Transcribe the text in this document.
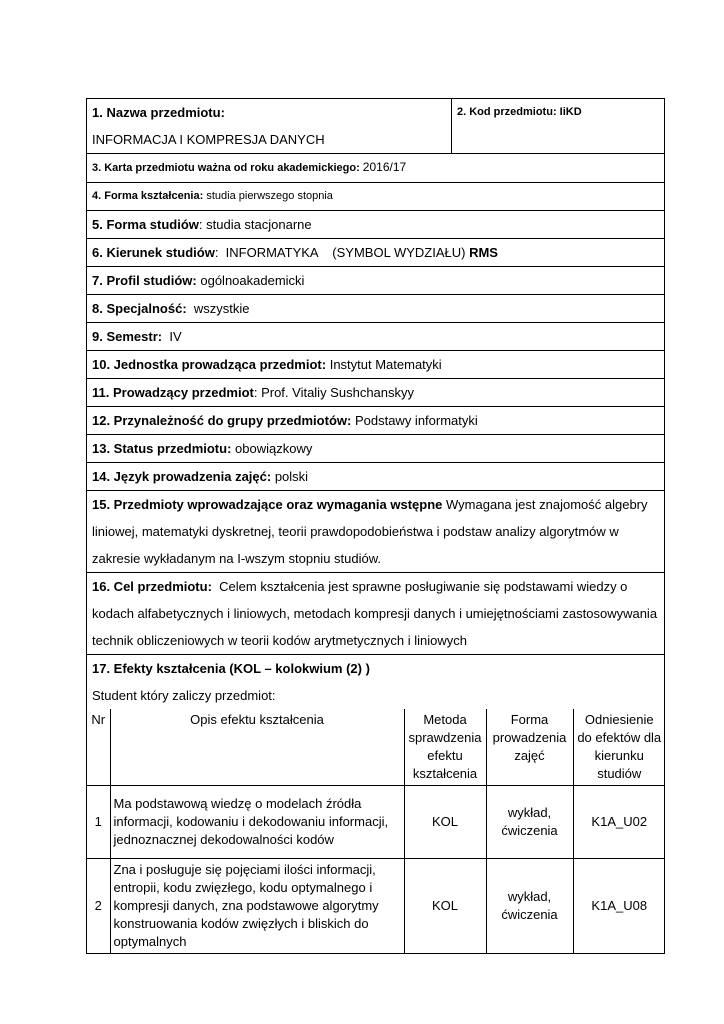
1. Nazwa przedmiotu:
INFORMACJA I KOMPRESJA DANYCH
	2. Kod przedmiotu: IiKD
3. Karta przedmiotu ważna od roku akademickiego: 2016/17
4. Forma kształcenia: studia pierwszego stopnia
5. Forma studiów: studia stacjonarne
6. Kierunek studiów:  INFORMATYKA    (SYMBOL WYDZIAŁU) RMS
7. Profil studiów: ogólnoakademicki
8. Specjalność: wszystkie
9. Semestr: IV
10. Jednostka prowadząca przedmiot: Instytut Matematyki
11. Prowadzący przedmiot: Prof. Vitaliy Sushchanskyy
12. Przynależność do grupy przedmiotów: Podstawy informatyki
13. Status przedmiotu: obowiązkowy
14. Język prowadzenia zajęć: polski
15. Przedmioty wprowadzające oraz wymagania wstępne Wymagana jest znajomość algebry liniowej, matematyki dyskretnej, teorii prawdopodobieństwa i podstaw analizy algorytmów w zakresie wykładanym na I-wszym stopniu studiów.
16. Cel przedmiotu: Celem kształcenia jest sprawne posługiwanie się podstawami wiedzy o kodach alfabetycznych i liniowych, metodach kompresji danych i umiejętnościami zastosowywania technik obliczeniowych w teorii kodów arytmetycznych i liniowych

17. Efekty kształcenia (KOL – kolokwium (2) )
Student który zaliczy przedmiot:
Nr	Opis efektu kształcenia	Metoda sprawdzenia efektu kształcenia	Forma prowadzenia zajęć	Odniesienie do efektów dla kierunku studiów
1	Ma podstawową wiedzę o modelach źródła informacji, kodowaniu i dekodowaniu informacji, jednoznacznej dekodowalności kodów	KOL	wykład, ćwiczenia	K1A_U02
2	Zna i posługuje się pojęciami ilości informacji, entropii, kodu zwięzłego, kodu optymalnego i kompresji danych, zna podstawowe algorytmy konstruowania kodów zwięzłych i bliskich do optymalnych	KOL	wykład, ćwiczenia	K1A_U08
